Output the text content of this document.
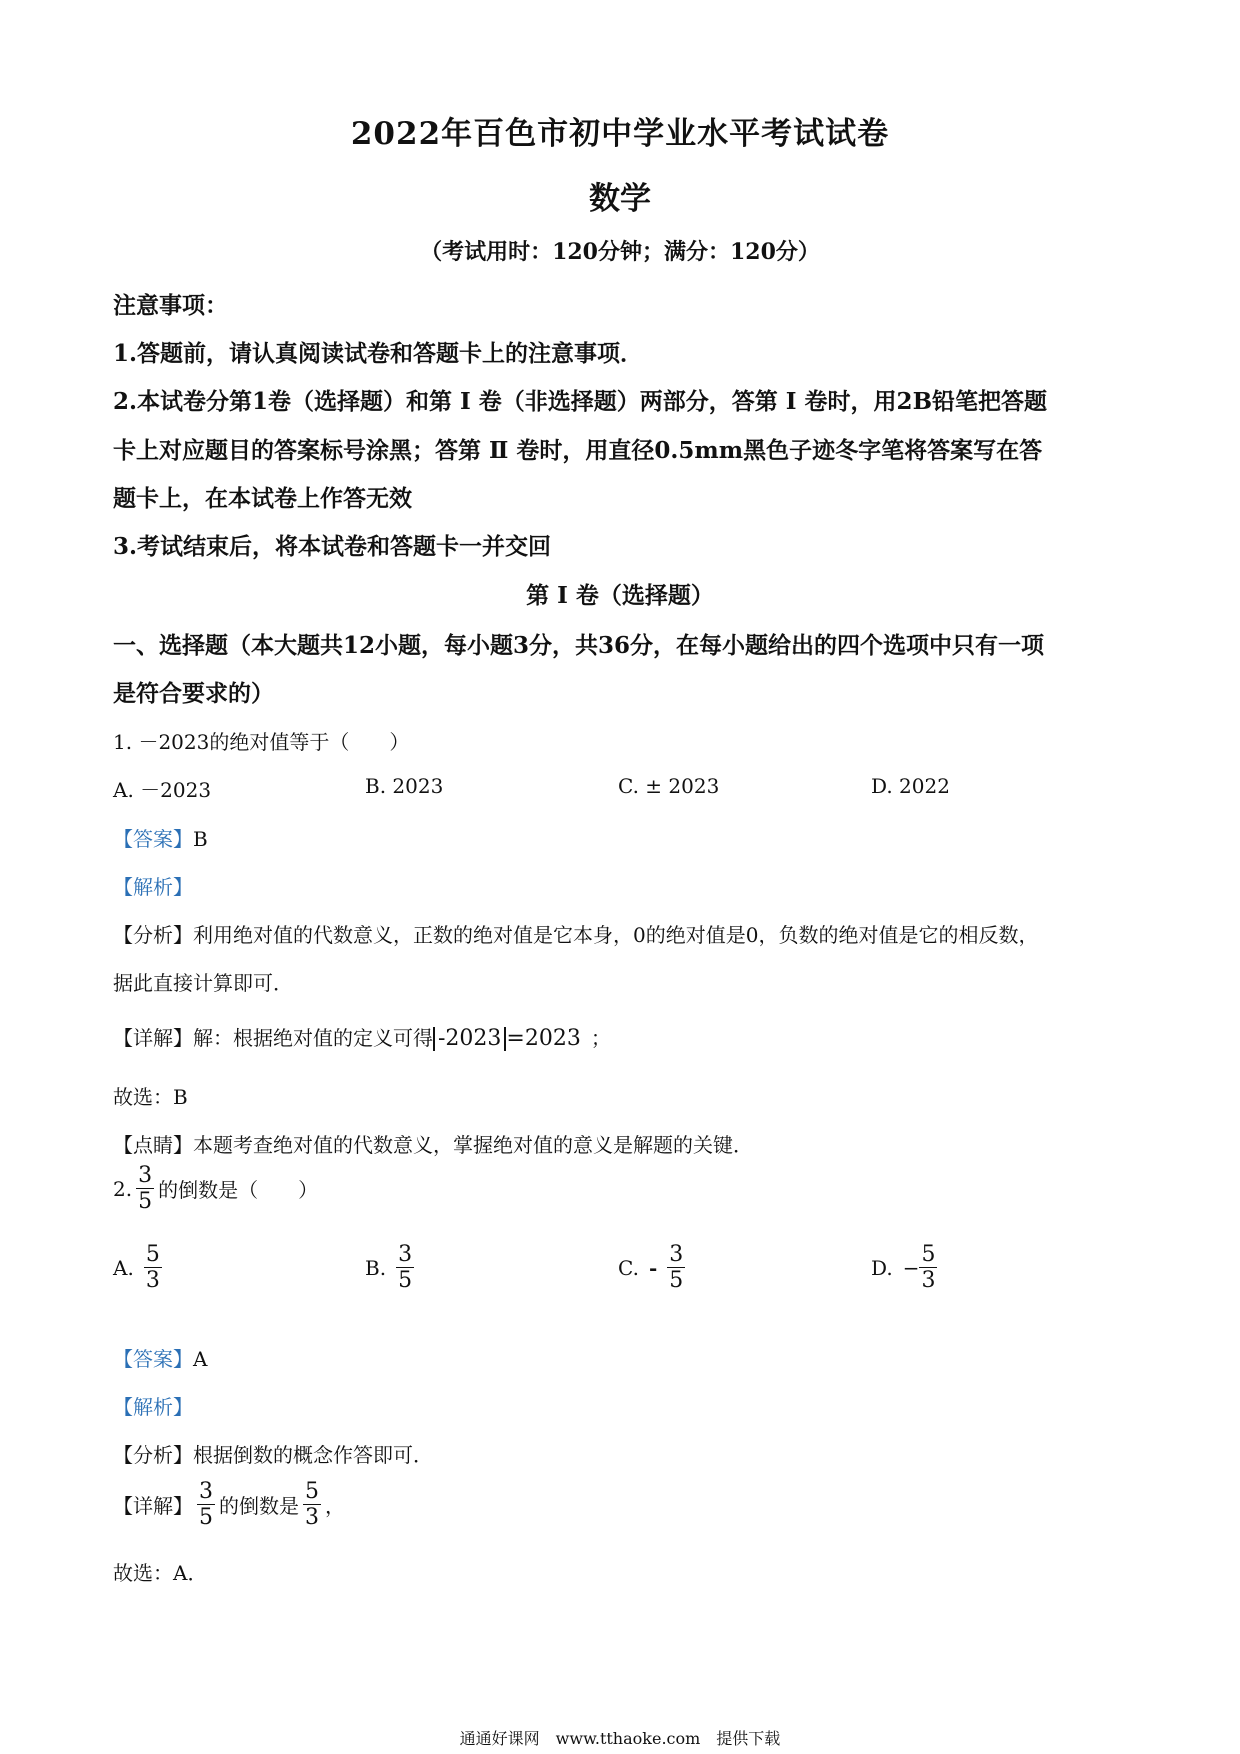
2022年百色市初中学业水平考试试卷
数学
（考试用时：120分钟；满分：120分）
注意事项：
1.答题前，请认真阅读试卷和答题卡上的注意事项．
2.本试卷分第1卷（选择题）和第 Ⅰ 卷（非选择题）两部分，答第 Ⅰ 卷时，用2B铅笔把答题
卡上对应题目的答案标号涂黑；答第 Ⅱ 卷时，用直径0.5mm黑色子迹冬字笔将答案写在答
题卡上，在本试卷上作答无效
3.考试结束后，将本试卷和答题卡一并交回
第 Ⅰ 卷（选择题）
一、选择题（本大题共12小题，每小题3分，共36分，在每小题给出的四个选项中只有一项
是符合要求的）
1. －2023的绝对值等于（　　）
A. －2023	B. 2023	C. ± 2023	D. 2022
【答案】B
【解析】
【分析】利用绝对值的代数意义，正数的绝对值是它本身，0的绝对值是0，负数的绝对值是它的相反数，
据此直接计算即可．
【详解】解：根据绝对值的定义可得 -2023 =2023 ；
故选：B
【点睛】本题考查绝对值的代数意义，掌握绝对值的意义是解题的关键．
2. $\frac{3}{5}$ 的倒数是（　　）
A. $\frac{5}{3}$	B. $\frac{3}{5}$	C. - $\frac{3}{5}$	D. − $\frac{5}{3}$
【答案】A
【解析】
【分析】根据倒数的概念作答即可．
【详解】 $\frac{3}{5}$ 的倒数是 $\frac{5}{3}$ ，
故选：A．
通通好课网　www.tthaoke.com　提供下载
